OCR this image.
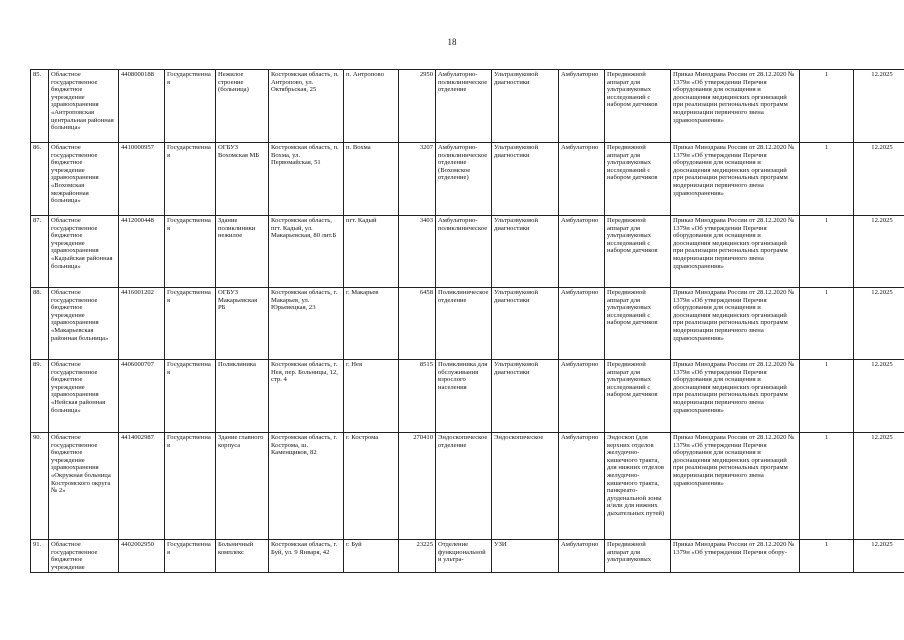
18
85.	Областное государственное бюджетное учреждение здравоохранения «Антроповская центральная районная больница»	4408000188	Государственная	Нежилое строение (больница)	Костромская область, п. Антропово, ул. Октябрьская, 25	п. Антропово	2950	Амбулаторно-поликлиническое отделение	Ультразвуковой диагностики	Амбулаторно	Передвижной аппарат для ультразвуковых исследований с набором датчиков	Приказ Минздрава России от 28.12.2020 № 1379н «Об утверждении Перечня оборудования для оснащения и дооснащения медицинских организаций при реализации региональных программ модернизации первичного звена здравоохранения»	1	12.2025
86.	Областное государственное бюджетное учреждение здравоохранения «Вохомская межрайонная больница»	4410000957	Государственная	ОГБУЗ Вохомская МБ	Костромская область, п. Вохма, ул. Первомайская, 51	п. Вохма	3207	Амбулаторно-поликлиническое отделение (Вохомское отделение)	Ультразвуковой диагностики	Амбулаторно	Передвижной аппарат для ультразвуковых исследований с набором датчиков	Приказ Минздрава России от 28.12.2020 № 1379н «Об утверждении Перечня оборудования для оснащения и дооснащения медицинских организаций при реализации региональных программ модернизации первичного звена здравоохранения»	1	12.2025
87.	Областное государственное бюджетное учреждение здравоохранения «Кадыйская районная больница»	4412000448	Государственная	Здание поликлиники нежилое	Костромская область, пгт. Кадый, ул. Макарьевская, 80 лит.Б	пгт. Кадый	3403	Амбулаторно-поликлиническое	Ультразвуковой диагностики	Амбулаторно	Передвижной аппарат для ультразвуковых исследований с набором датчиков	Приказ Минздрава России от 28.12.2020 № 1379н «Об утверждении Перечня оборудования для оснащения и дооснащения медицинских организаций при реализации региональных программ модернизации первичного звена здравоохранения»	1	12.2025
88.	Областное государственное бюджетное учреждение здравоохранения «Макарьевская районная больница»	4416001202	Государственная	ОГБУЗ Макарьевская РБ	Костромская область, г. Макарьев, ул. Юрьевецкая, 23	г. Макарьев	6458	Поликлиническое отделение	Ультразвуковой диагностики	Амбулаторно	Передвижной аппарат для ультразвуковых исследований с набором датчиков	Приказ Минздрава России от 28.12.2020 № 1379н «Об утверждении Перечня оборудования для оснащения и дооснащения медицинских организаций при реализации региональных программ модернизации первичного звена здравоохранения»	1	12.2025
89.	Областное государственное бюджетное учреждение здравоохранения «Нейская районная больница»	4406000707	Государственная	Поликлиника	Костромская область, г. Нея, пер. Больницы, 12, стр. 4	г. Нея	8515	Поликлиника для обслуживания взрослого населения	Ультразвуковой диагностики	Амбулаторно	Передвижной аппарат для ультразвуковых исследований с набором датчиков	Приказ Минздрава России от 28.12.2020 № 1379н «Об утверждении Перечня оборудования для оснащения и дооснащения медицинских организаций при реализации региональных программ модернизации первичного звена здравоохранения»	1	12.2025
90.	Областное государственное бюджетное учреждение здравоохранения «Окружная больница Костромского округа № 2»	4414002987	Государственная	Здание главного корпуса	Костромская область, г. Кострома, ш. Каменщиков, 82	г. Кострома	270410	Эндоскопическое отделение	Эндоскопическое	Амбулаторно	Эндоскоп (для верхних отделов желудочно-кишечного тракта, для нижних отделов желудочно-кишечного тракта, панкреато-дуоденальной зоны и/или для нижних дыхательных путей)	Приказ Минздрава России от 28.12.2020 № 1379н «Об утверждении Перечня оборудования для оснащения и дооснащения медицинских организаций при реализации региональных программ модернизации первичного звена здравоохранения»	1	12.2025
91.	Областное государственное бюджетное учреждение	4402002950	Государственная	Больничный комплекс	Костромская область, г. Буй, ул. 9 Января, 42	г. Буй	23225	Отделение функциональной и ультра-	УЗИ	Амбулаторно	Передвижной аппарат для ультразвуковых	Приказ Минздрава России от 28.12.2020 № 1379н «Об утверждении Перечня обору-	1	12.2025
